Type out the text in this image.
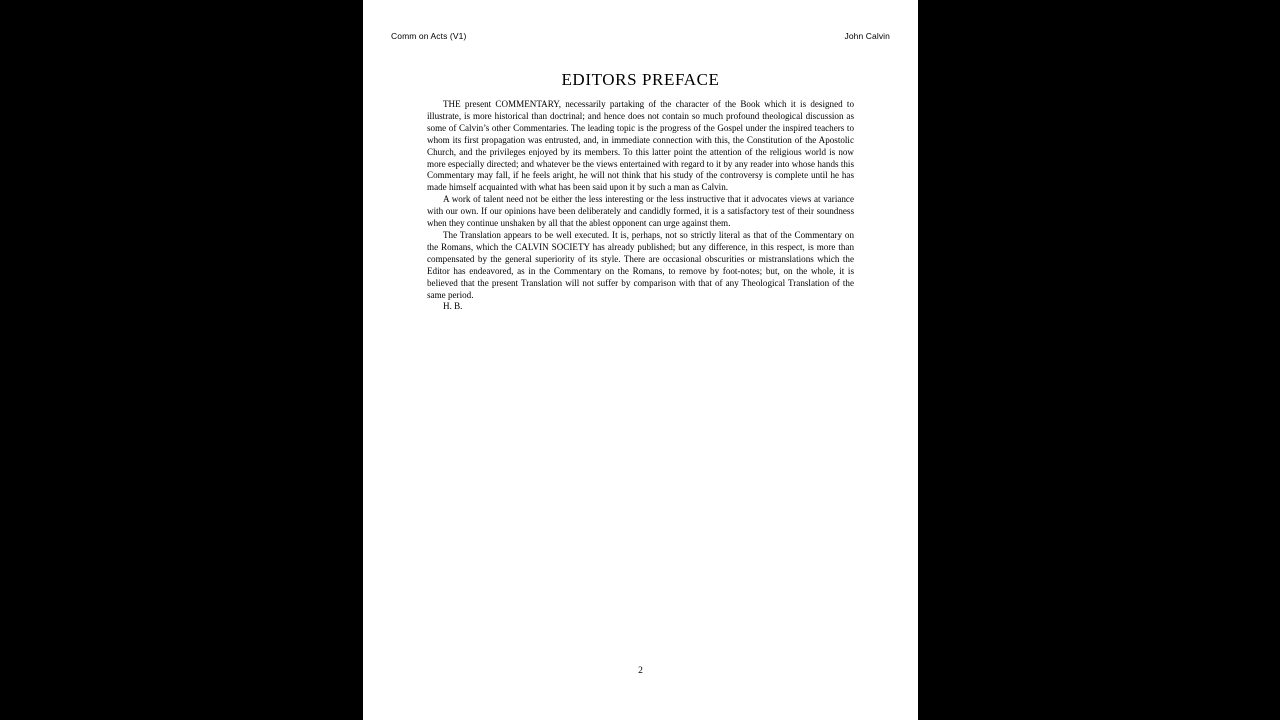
Comm on Acts (V1)	John Calvin
EDITORS PREFACE

THE present COMMENTARY, necessarily partaking of the character of the Book which it is designed to illustrate, is more historical than doctrinal; and hence does not contain so much profound theological discussion as some of Calvin’s other Commentaries. The leading topic is the progress of the Gospel under the inspired teachers to whom its first propagation was entrusted, and, in immediate connection with this, the Constitution of the Apostolic Church, and the privileges enjoyed by its members. To this latter point the attention of the religious world is now more especially directed; and whatever be the views entertained with regard to it by any reader into whose hands this Commentary may fall, if he feels aright, he will not think that his study of the controversy is complete until he has made himself acquainted with what has been said upon it by such a man as Calvin.

A work of talent need not be either the less interesting or the less instructive that it advocates views at variance with our own. If our opinions have been deliberately and candidly formed, it is a satisfactory test of their soundness when they continue unshaken by all that the ablest opponent can urge against them.

The Translation appears to be well executed. It is, perhaps, not so strictly literal as that of the Commentary on the Romans, which the CALVIN SOCIETY has already published; but any difference, in this respect, is more than compensated by the general superiority of its style. There are occasional obscurities or mistranslations which the Editor has endeavored, as in the Commentary on the Romans, to remove by foot-notes; but, on the whole, it is believed that the present Translation will not suffer by comparison with that of any Theological Translation of the same period.

H. B.

2
